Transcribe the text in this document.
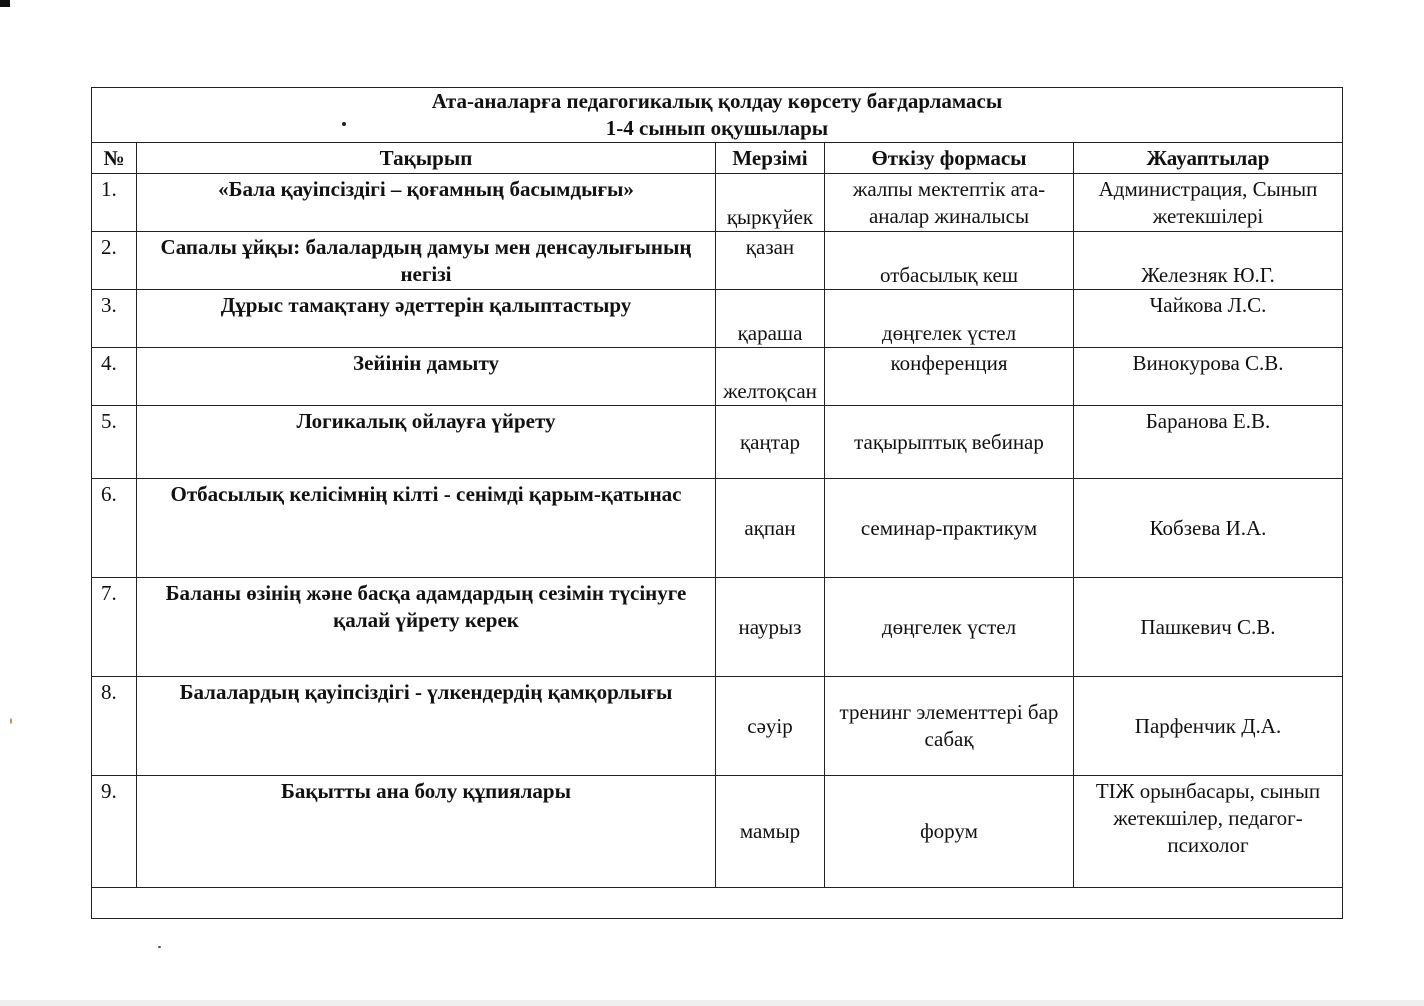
Ата-аналарға педагогикалық қолдау көрсету бағдарламасы
1-4 сынып оқушылары				

№	Тақырып	Мерзімі	Өткізу формасы	Жауаптылар
1.	«Бала қауіпсіздігі – қоғамның басымдығы»	қыркүйек	жалпы мектептік ата-аналар жиналысы	Администрация, Сынып жетекшілері
2.	Сапалы ұйқы: балалардың дамуы мен денсаулығының негізі	қазан	отбасылық кеш	Железняк Ю.Г.
3.	Дұрыс тамақтану әдеттерін қалыптастыру	қараша	дөңгелек үстел	Чайкова Л.С.
4.	Зейінін дамыту	желтоқсан	конференция	Винокурова С.В.
5.	Логикалық ойлауға үйрету	қаңтар	тақырыптық вебинар	Баранова Е.В.
6.	Отбасылық келісімнің кілті - сенімді қарым-қатынас	ақпан	семинар-практикум	Кобзева И.А.
7.	Баланы өзінің және басқа адамдардың сезімін түсінуге қалай үйрету керек	наурыз	дөңгелек үстел	Пашкевич С.В.
8.	Балалардың қауіпсіздігі - үлкендердің қамқорлығы	сәуір	тренинг элементтері бар сабақ	Парфенчик Д.А.
9.	Бақытты ана болу құпиялары	мамыр	форум	ТІЖ орынбасары, сынып жетекшілер, педагог-психолог
